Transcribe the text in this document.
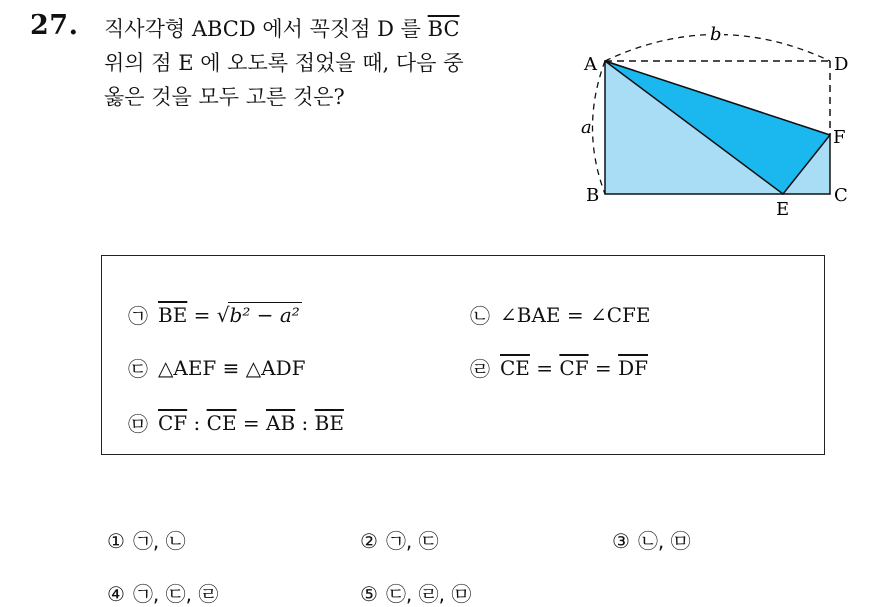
27. 직사각형 ABCD 에서 꼭짓점 D 를 $\overline{BC}$
위의 점 E 에 오도록 접었을 때, 다음 중
옳은 것을 모두 고른 것은?
A	D
F
B	C
E
a
b
㉠ $\overline{BE}$ = √ b² − a²	㉡ ∠BAE = ∠CFE
㉢ △AEF ≡ △ADF	㉣ $\overline{CE} = \overline{CF} = \overline{DF}$
㉤ $\overline{CF}$ : $\overline{CE} = \overline{AB}$ : $\overline{BE}$
① ㉠, ㉡	② ㉠, ㉢	③ ㉡, ㉤
④ ㉠, ㉢, ㉣	⑤ ㉢, ㉣, ㉤
